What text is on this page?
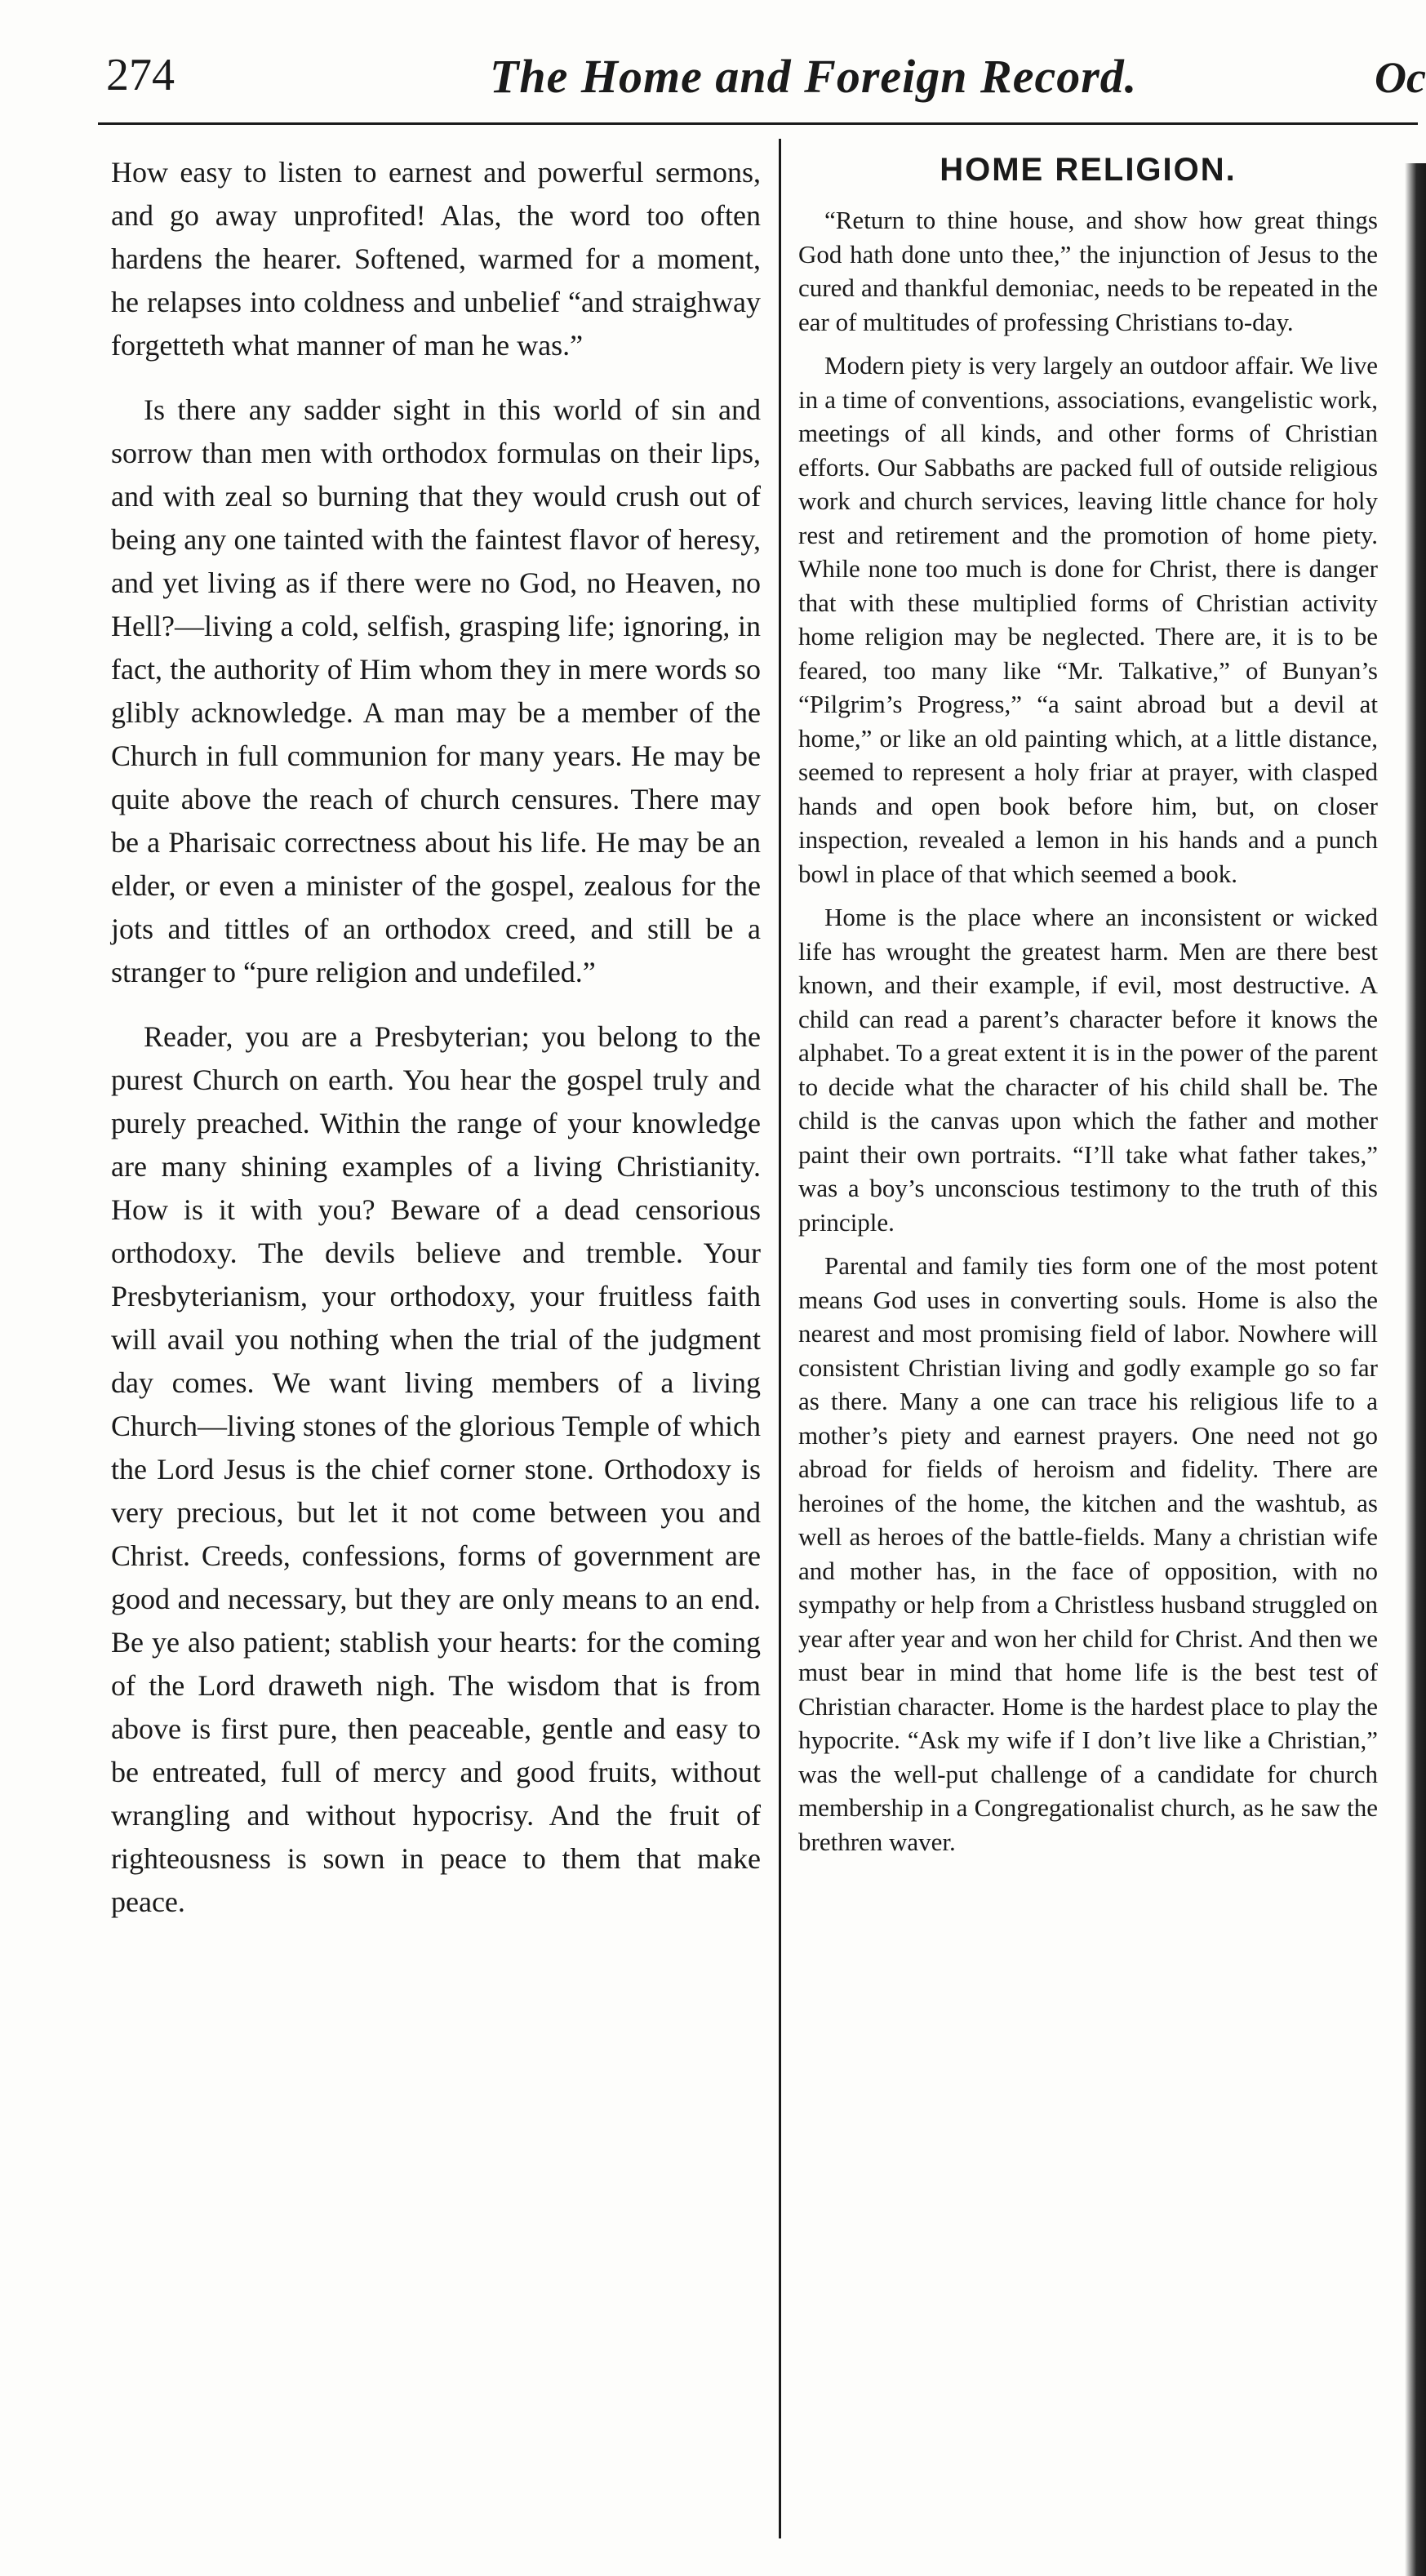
274	The Home and Foreign Record.	Oc

How easy to listen to earnest and powerful sermons, and go away unprofited! Alas, the word too often hardens the hearer. Softened, warmed for a moment, he relapses into coldness and unbelief “and straighway forgetteth what manner of man he was.”

Is there any sadder sight in this world of sin and sorrow than men with orthodox formulas on their lips, and with zeal so burning that they would crush out of being any one tainted with the faintest flavor of heresy, and yet living as if there were no God, no Heaven, no Hell?—living a cold, selfish, grasping life; ignoring, in fact, the authority of Him whom they in mere words so glibly acknowledge. A man may be a member of the Church in full communion for many years. He may be quite above the reach of church censures. There may be a Pharisaic correctness about his life. He may be an elder, or even a minister of the gospel, zealous for the jots and tittles of an orthodox creed, and still be a stranger to “pure religion and undefiled.”

Reader, you are a Presbyterian; you belong to the purest Church on earth. You hear the gospel truly and purely preached. Within the range of your knowledge are many shining examples of a living Christianity. How is it with you? Beware of a dead censorious orthodoxy. The devils believe and tremble. Your Presbyterianism, your orthodoxy, your fruitless faith will avail you nothing when the trial of the judgment day comes. We want living members of a living Church—living stones of the glorious Temple of which the Lord Jesus is the chief corner stone. Orthodoxy is very precious, but let it not come between you and Christ. Creeds, confessions, forms of government are good and necessary, but they are only means to an end. Be ye also patient; stablish your hearts: for the coming of the Lord draweth nigh. The wisdom that is from above is first pure, then peaceable, gentle and easy to be entreated, full of mercy and good fruits, without wrangling and without hypocrisy. And the fruit of righteousness is sown in peace to them that make peace.

HOME RELIGION.

“Return to thine house, and show how great things God hath done unto thee,” the injunction of Jesus to the cured and thankful demoniac, needs to be repeated in the ear of multitudes of professing Christians to-day.

Modern piety is very largely an outdoor affair. We live in a time of conventions, associations, evangelistic work, meetings of all kinds, and other forms of Christian efforts. Our Sabbaths are packed full of outside religious work and church services, leaving little chance for holy rest and retirement and the promotion of home piety. While none too much is done for Christ, there is danger that with these multiplied forms of Christian activity home religion may be neglected. There are, it is to be feared, too many like “Mr. Talkative,” of Bunyan’s “Pilgrim’s Progress,” “a saint abroad but a devil at home,” or like an old painting which, at a little distance, seemed to represent a holy friar at prayer, with clasped hands and open book before him, but, on closer inspection, revealed a lemon in his hands and a punch bowl in place of that which seemed a book.

Home is the place where an inconsistent or wicked life has wrought the greatest harm. Men are there best known, and their example, if evil, most destructive. A child can read a parent’s character before it knows the alphabet. To a great extent it is in the power of the parent to decide what the character of his child shall be. The child is the canvas upon which the father and mother paint their own portraits. “I’ll take what father takes,” was a boy’s unconscious testimony to the truth of this principle.

Parental and family ties form one of the most potent means God uses in converting souls. Home is also the nearest and most promising field of labor. Nowhere will consistent Christian living and godly example go so far as there. Many a one can trace his religious life to a mother’s piety and earnest prayers. One need not go abroad for fields of heroism and fidelity. There are heroines of the home, the kitchen and the washtub, as well as heroes of the battle-fields. Many a christian wife and mother has, in the face of opposition, with no sympathy or help from a Christless husband struggled on year after year and won her child for Christ. And then we must bear in mind that home life is the best test of Christian character. Home is the hardest place to play the hypocrite. “Ask my wife if I don’t live like a Christian,” was the well-put challenge of a candidate for church membership in a Congregationalist church, as he saw the brethren waver.
